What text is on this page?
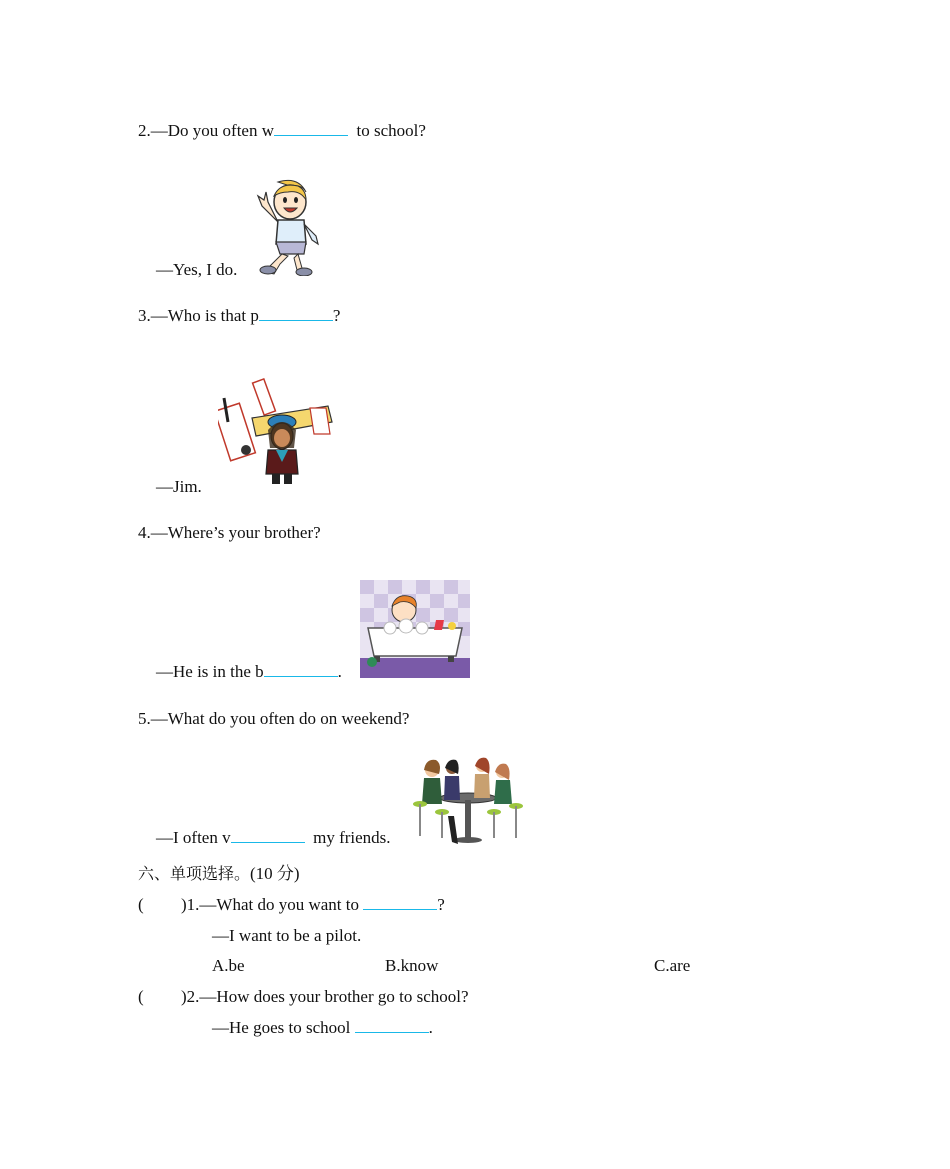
2.—Do you often w	to school?
—Yes, I do.
3.—Who is that p	?
—Jim.
4.—Where’s your brother?
—He is in the b	.
5.—What do you often do on weekend?
—I often v	my friends.
六、单项选择。(10 分)
( )1.—What do you want to	?
—I want to be a pilot.
A.be	B.know	C.are
( )2.—How does your brother go to school?
—He goes to school	.
